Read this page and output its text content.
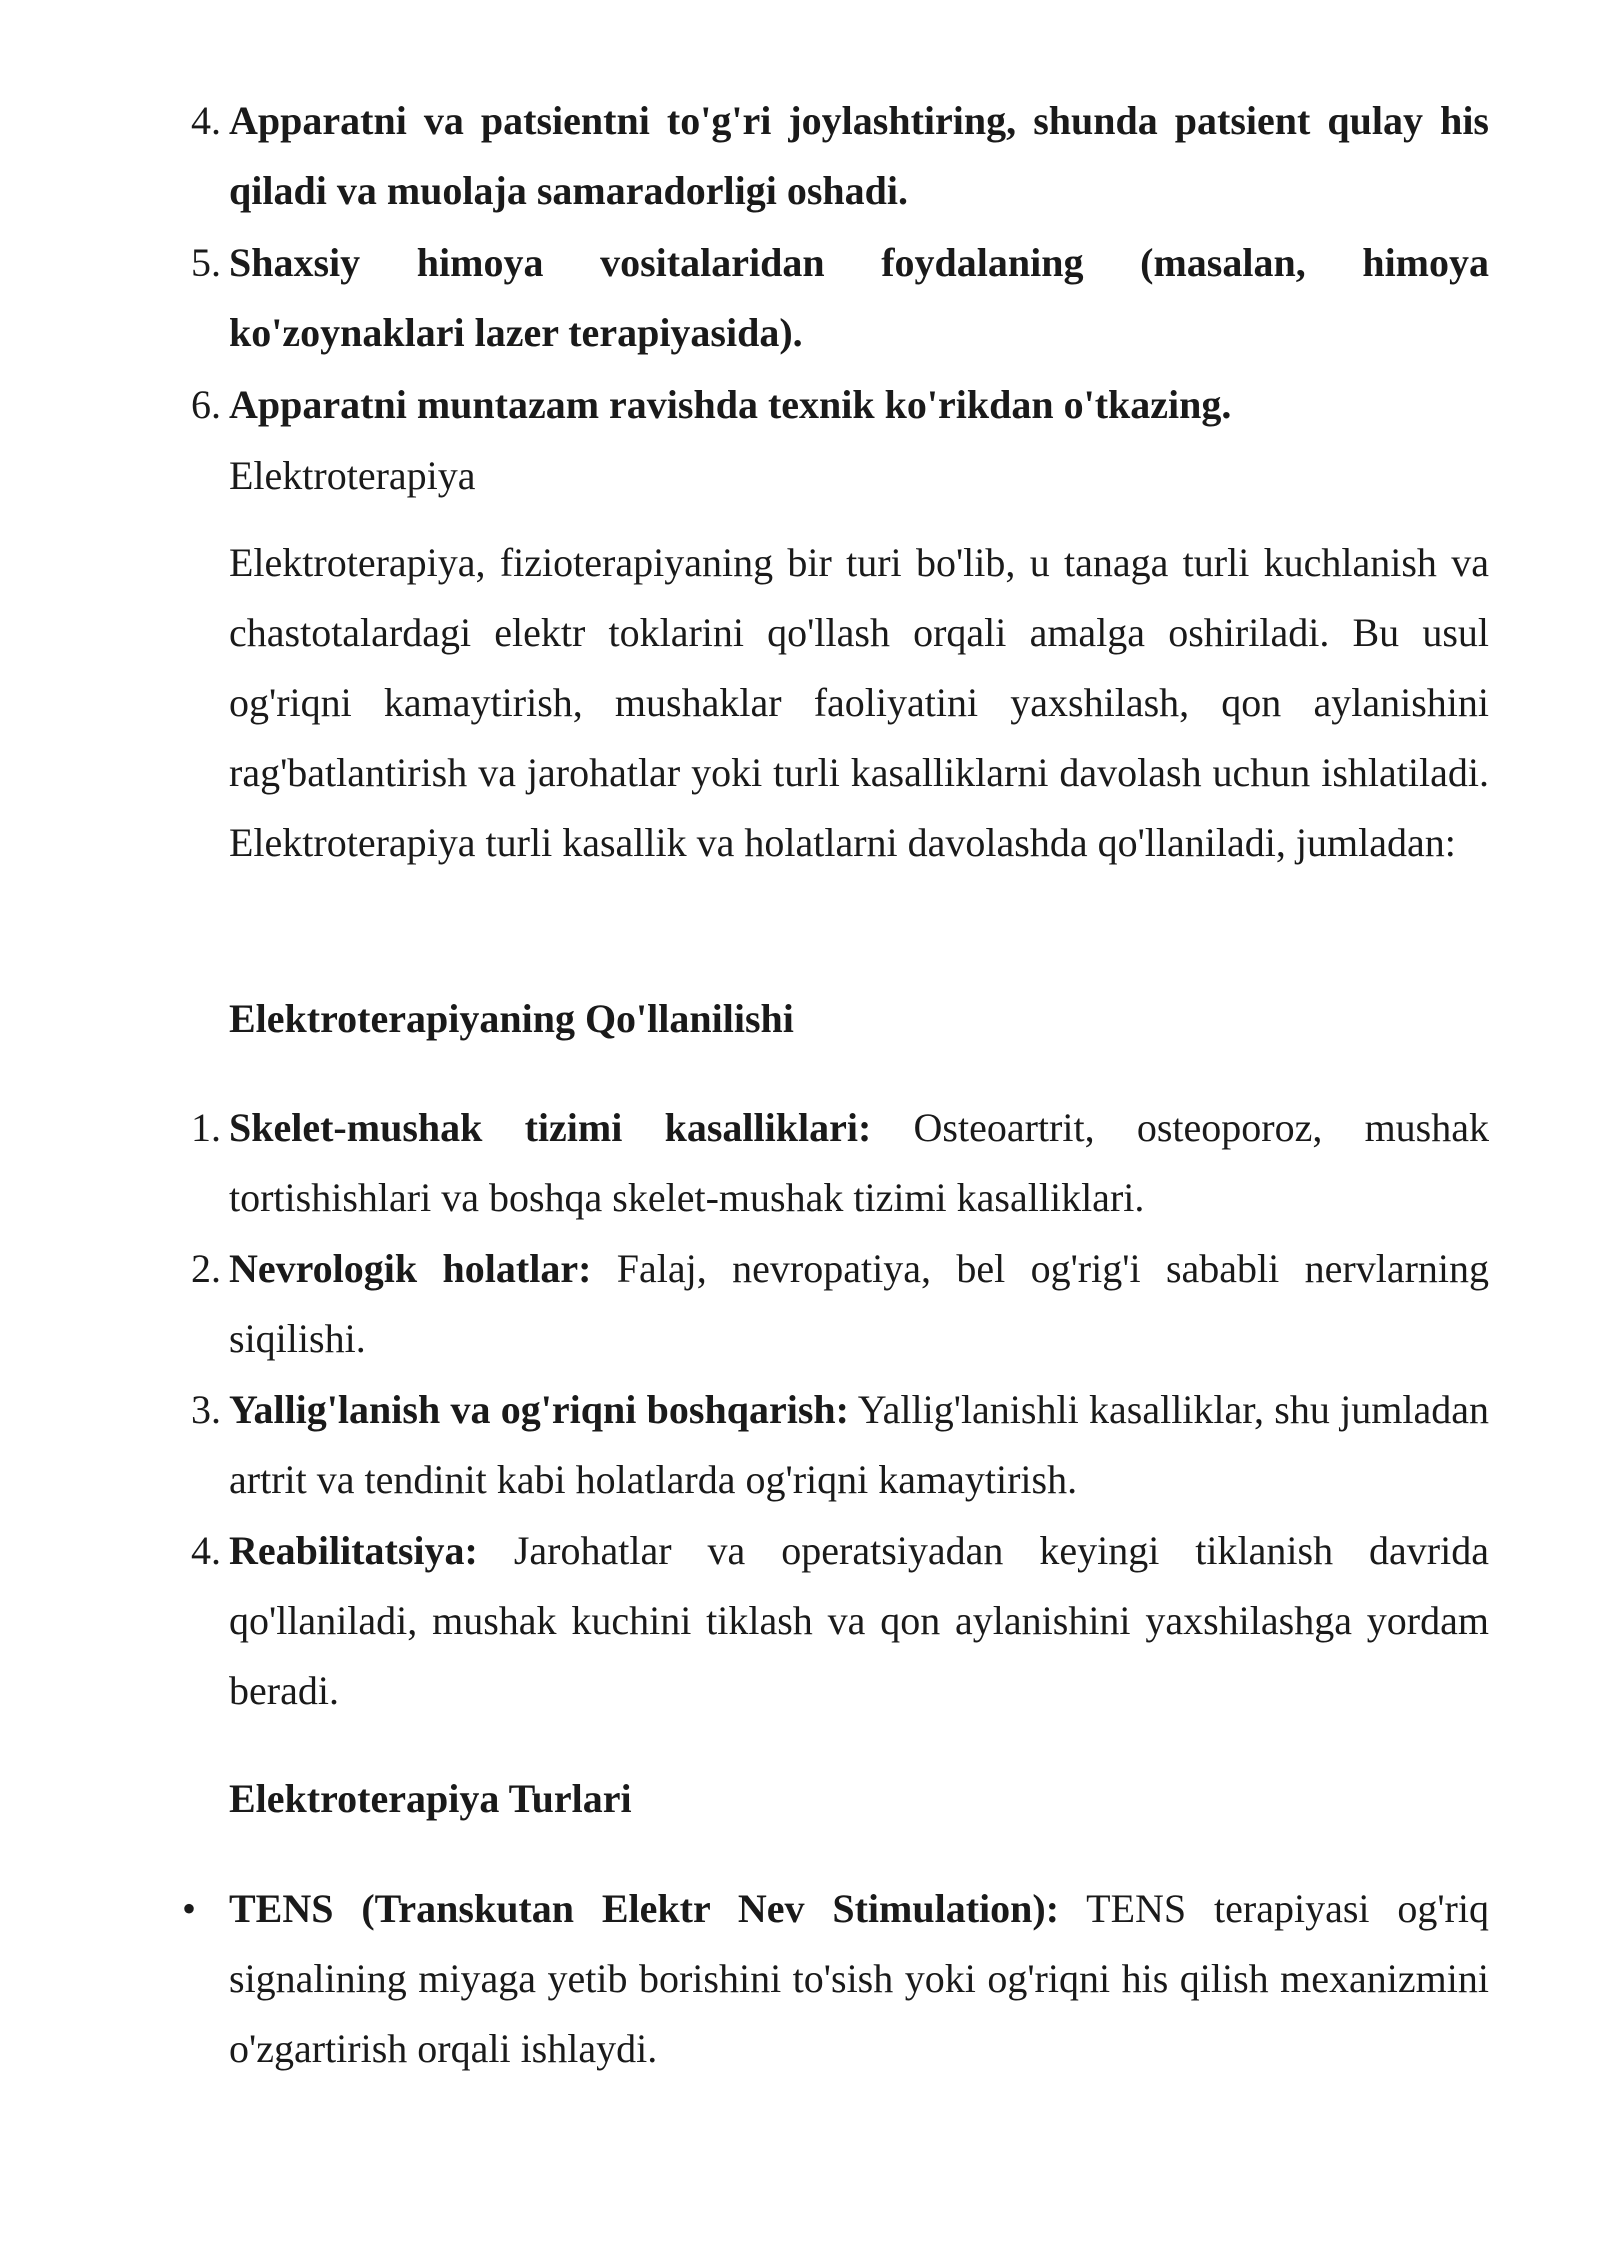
4. Apparatni va patsientni to'g'ri joylashtiring, shunda patsient qulay his qiladi va muolaja samaradorligi oshadi.
5. Shaxsiy himoya vositalaridan foydalaning (masalan, himoya ko'zoynaklari lazer terapiyasida).
6. Apparatni muntazam ravishda texnik ko'rikdan o'tkazing.
Elektroterapiya
Elektroterapiya, fizioterapiyaning bir turi bo'lib, u tanaga turli kuchlanish va chastotalardagi elektr toklarini qo'llash orqali amalga oshiriladi. Bu usul og'riqni kamaytirish, mushaklar faoliyatini yaxshilash, qon aylanishini rag'batlantirish va jarohatlar yoki turli kasalliklarni davolash uchun ishlatiladi. Elektroterapiya turli kasallik va holatlarni davolashda qo'llaniladi, jumladan:
Elektroterapiyaning Qo'llanilishi
1. Skelet-mushak tizimi kasalliklari: Osteoartrit, osteoporoz, mushak tortishishlari va boshqa skelet-mushak tizimi kasalliklari.
2. Nevrologik holatlar: Falaj, nevropatiya, bel og'rig'i sababli nervlarning siqilishi.
3. Yallig'lanish va og'riqni boshqarish: Yallig'lanishli kasalliklar, shu jumladan artrit va tendinit kabi holatlarda og'riqni kamaytirish.
4. Reabilitatsiya: Jarohatlar va operatsiyadan keyingi tiklanish davrida qo'llaniladi, mushak kuchini tiklash va qon aylanishini yaxshilashga yordam beradi.
Elektroterapiya Turlari
• TENS (Transkutan Elektr Nev Stimulation): TENS terapiyasi og'riq signalining miyaga yetib borishini to'sish yoki og'riqni his qilish mexanizmini o'zgartirish orqali ishlaydi.
